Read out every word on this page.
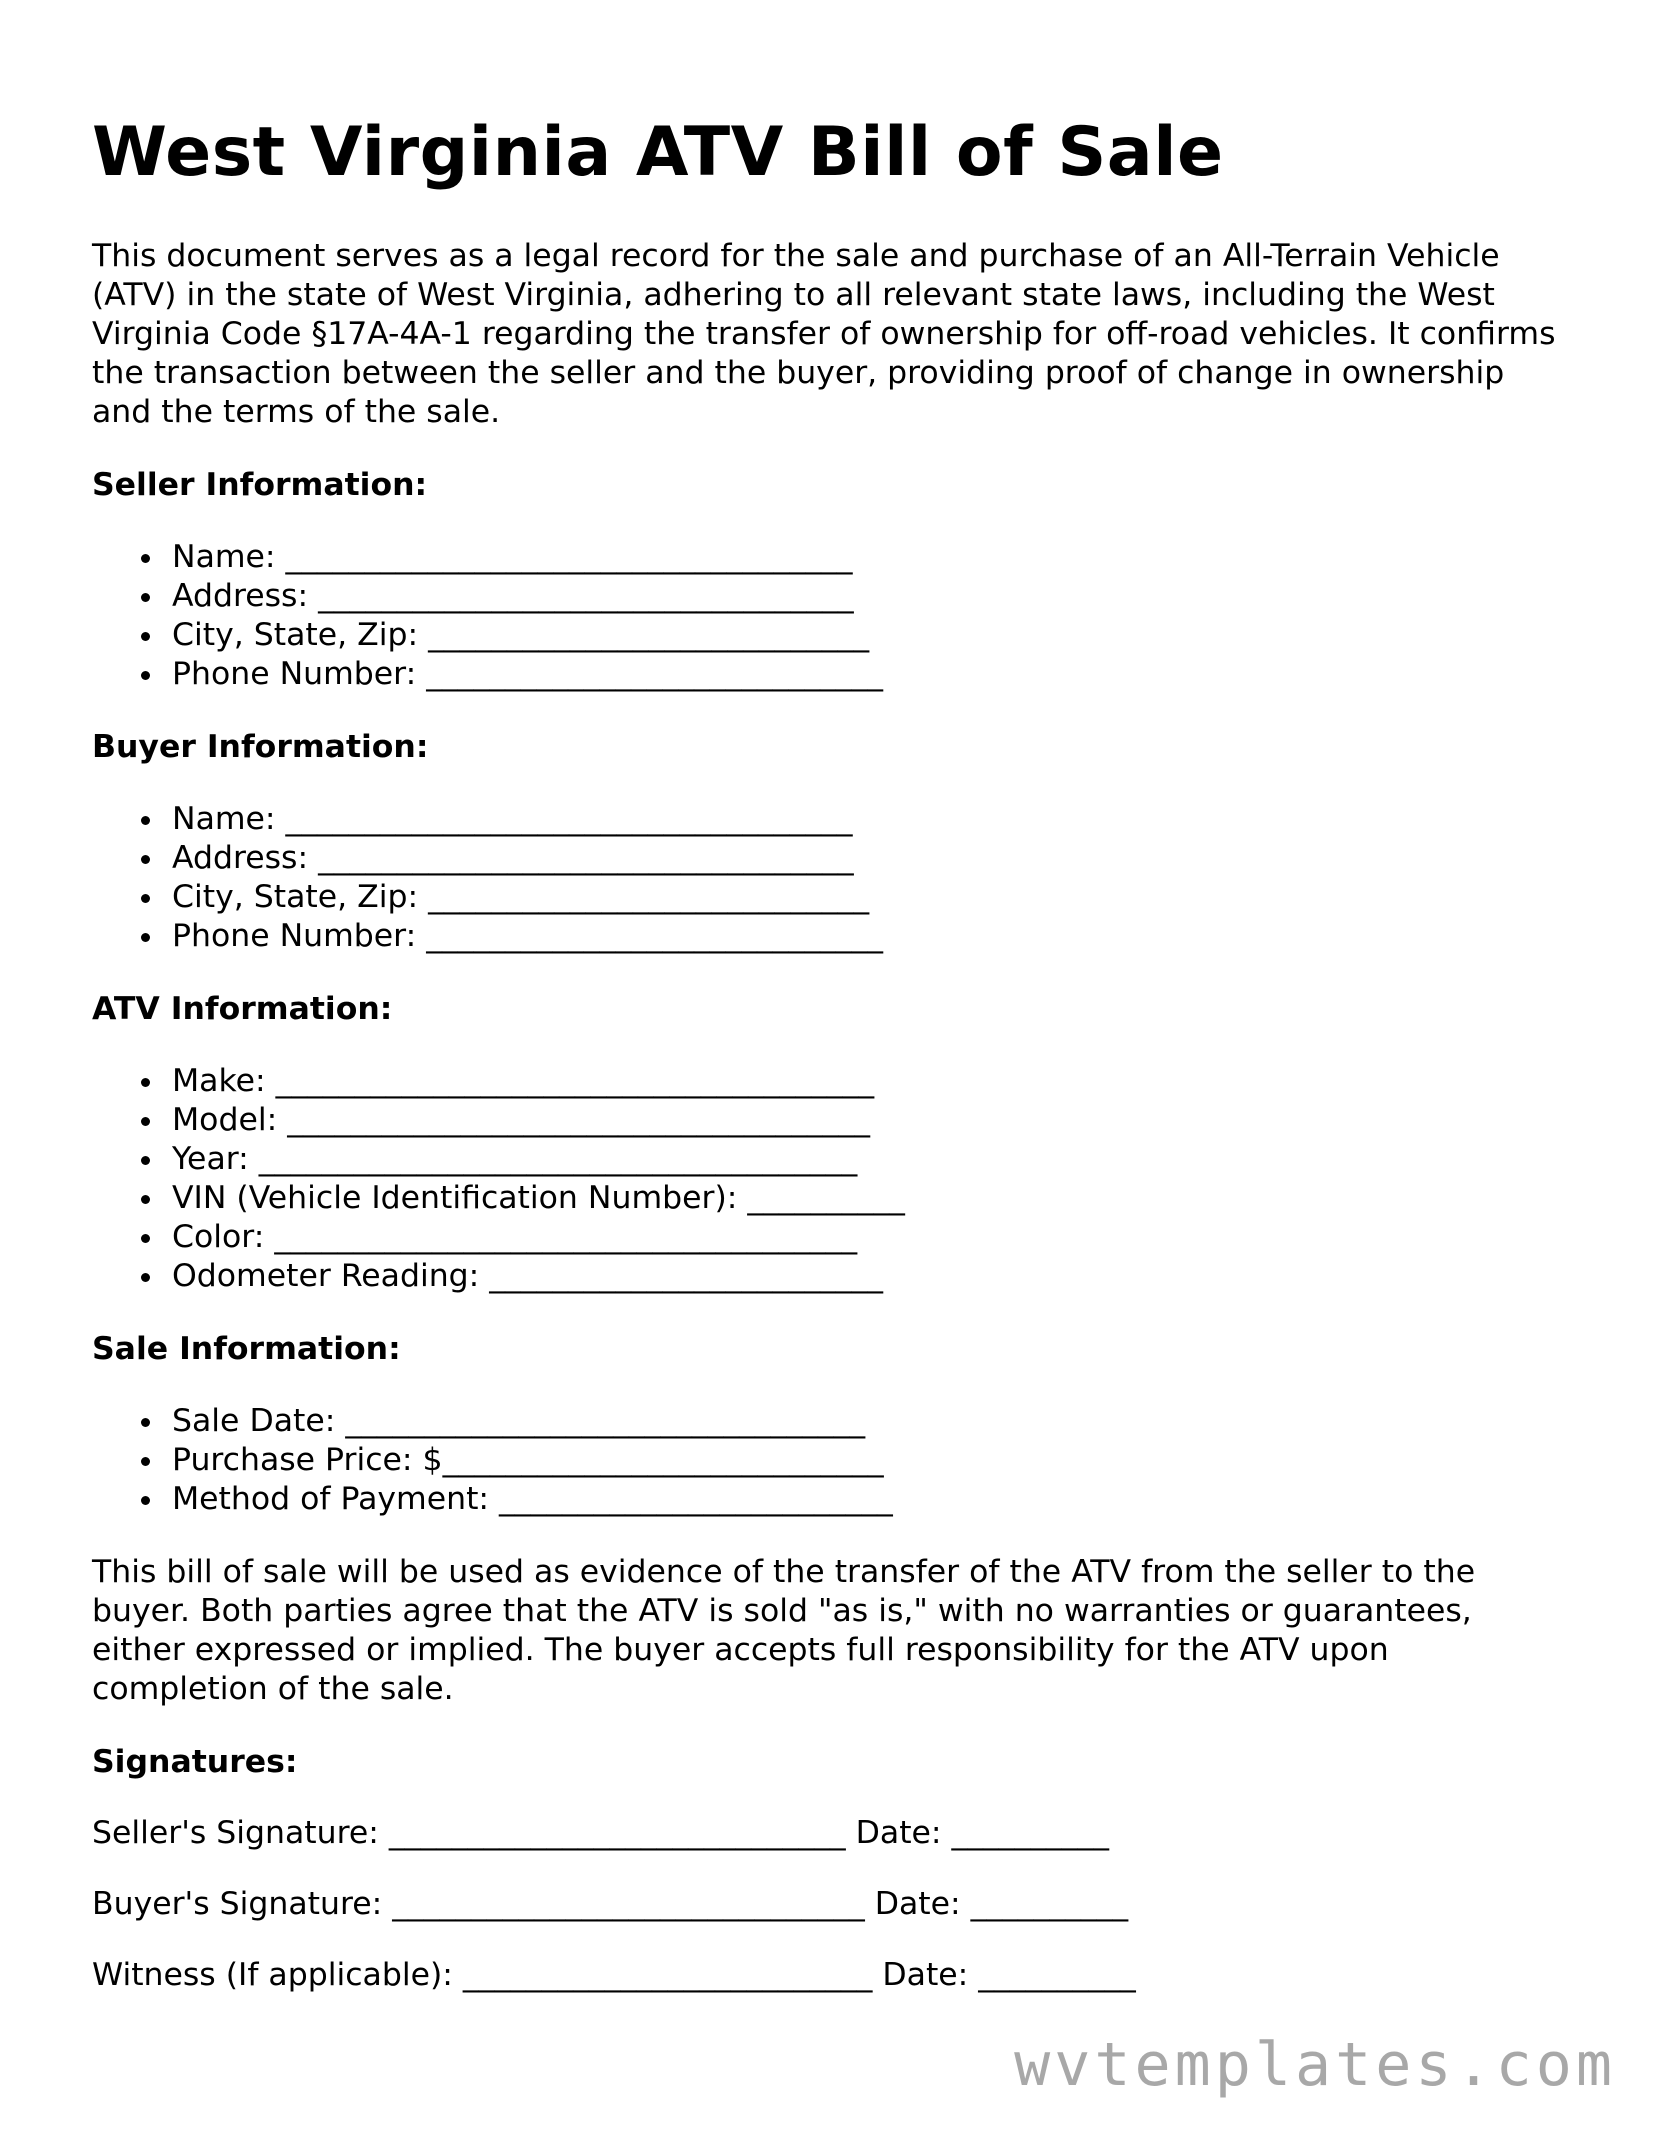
West Virginia ATV Bill of Sale

This document serves as a legal record for the sale and purchase of an All-Terrain Vehicle (ATV) in the state of West Virginia, adhering to all relevant state laws, including the West Virginia Code §17A-4A-1 regarding the transfer of ownership for off-road vehicles. It confirms the transaction between the seller and the buyer, providing proof of change in ownership and the terms of the sale.

Seller Information:
Name: ____________________________________
Address: __________________________________
City, State, Zip: ____________________________
Phone Number: _____________________________
Buyer Information:
Name: ____________________________________
Address: __________________________________
City, State, Zip: ____________________________
Phone Number: _____________________________
ATV Information:
Make: ______________________________________
Model: _____________________________________
Year: ______________________________________
VIN (Vehicle Identification Number): __________
Color: _____________________________________
Odometer Reading: _________________________
Sale Information:
Sale Date: _________________________________
Purchase Price: $____________________________
Method of Payment: _________________________

This bill of sale will be used as evidence of the transfer of the ATV from the seller to the buyer. Both parties agree that the ATV is sold "as is," with no warranties or guarantees, either expressed or implied. The buyer accepts full responsibility for the ATV upon completion of the sale.

Signatures:
Seller's Signature: _____________________________ Date: __________
Buyer's Signature: ______________________________ Date: __________
Witness (If applicable): __________________________ Date: __________
wvtemplates.com
